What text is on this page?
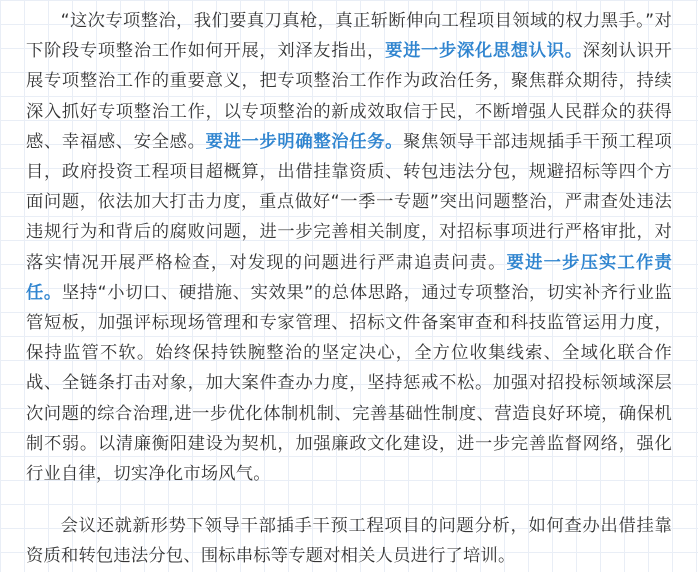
“这次专项整治，我们要真刀真枪，真正斩断伸向工程项目领域的权力黑手。”对下阶段专项整治工作如何开展，刘泽友指出，要进一步深化思想认识。深刻认识开展专项整治工作的重要意义，把专项整治工作作为政治任务，聚焦群众期待，持续深入抓好专项整治工作，以专项整治的新成效取信于民，不断增强人民群众的获得感、幸福感、安全感。要进一步明确整治任务。聚焦领导干部违规插手干预工程项目，政府投资工程项目超概算，出借挂靠资质、转包违法分包，规避招标等四个方面问题，依法加大打击力度，重点做好“一季一专题”突出问题整治，严肃查处违法违规行为和背后的腐败问题，进一步完善相关制度，对招标事项进行严格审批，对落实情况开展严格检查，对发现的问题进行严肃追责问责。要进一步压实工作责任。坚持“小切口、硬措施、实效果”的总体思路，通过专项整治，切实补齐行业监管短板，加强评标现场管理和专家管理、招标文件备案审查和科技监管运用力度，保持监管不软。始终保持铁腕整治的坚定决心，全方位收集线索、全域化联合作战、全链条打击对象，加大案件查办力度，坚持惩戒不松。加强对招投标领域深层次问题的综合治理,进一步优化体制机制、完善基础性制度、营造良好环境，确保机制不弱。以清廉衡阳建设为契机，加强廉政文化建设，进一步完善监督网络，强化行业自律，切实净化市场风气。

会议还就新形势下领导干部插手干预工程项目的问题分析，如何查办出借挂靠资质和转包违法分包、围标串标等专题对相关人员进行了培训。
